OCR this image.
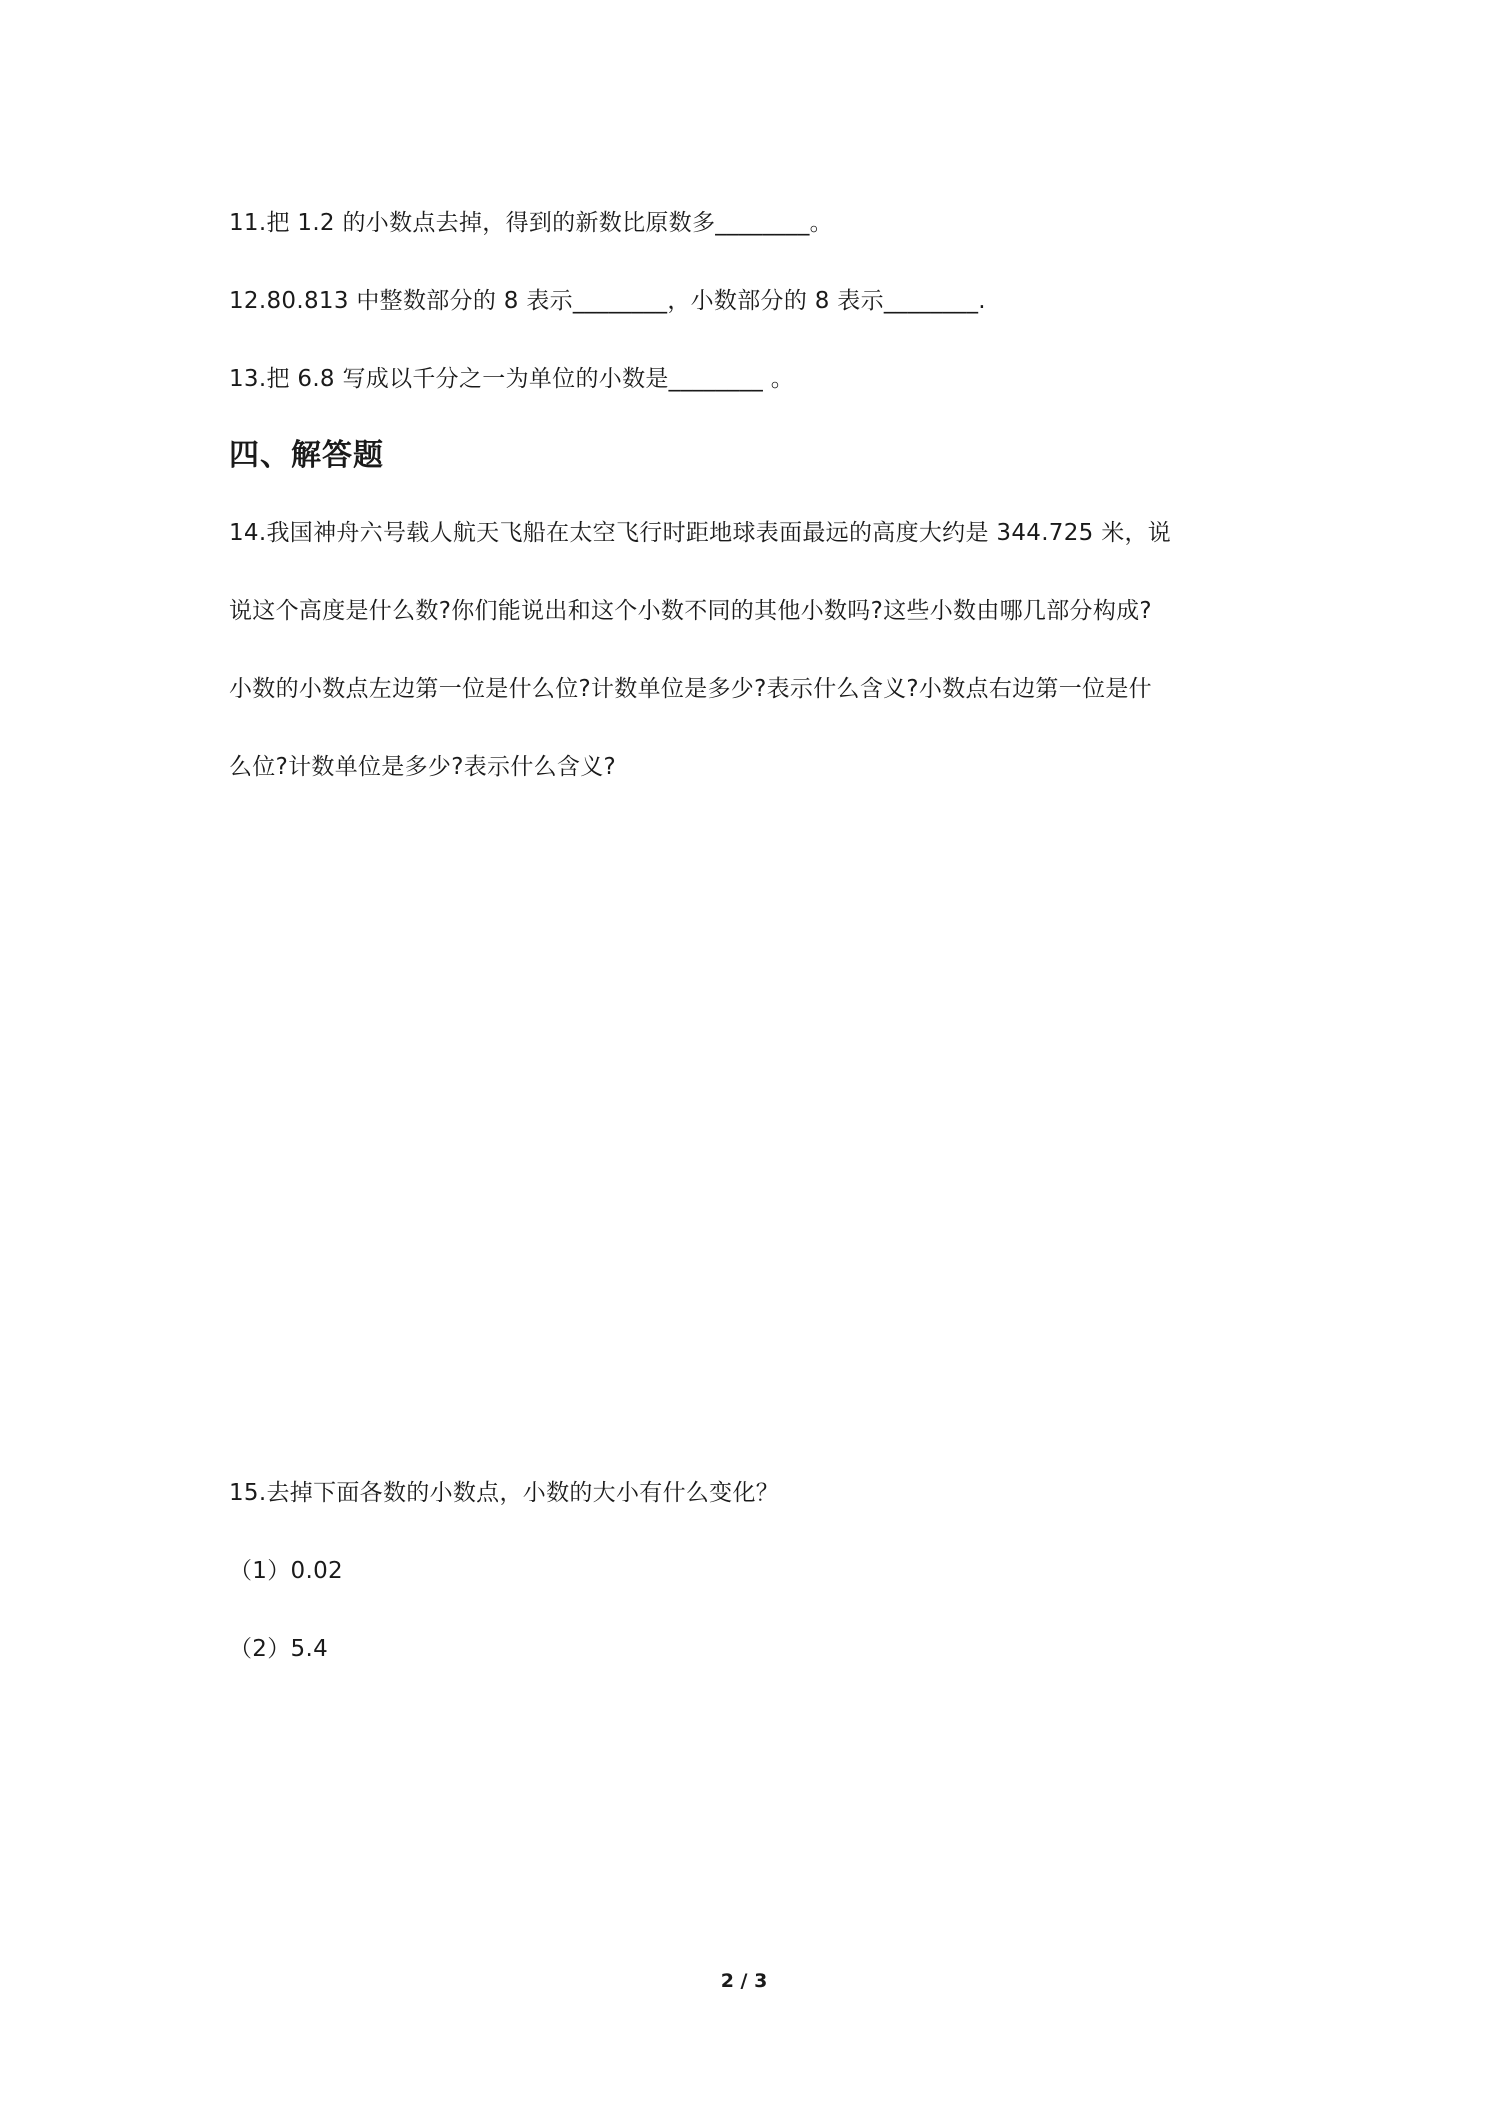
11.把 1.2 的小数点去掉，得到的新数比原数多________。
12.80.813 中整数部分的 8 表示________，小数部分的 8 表示________.
13.把 6.8 写成以千分之一为单位的小数是________ 。
四、解答题
14.我国神舟六号载人航天飞船在太空飞行时距地球表面最远的高度大约是 344.725 米，说
说这个高度是什么数?你们能说出和这个小数不同的其他小数吗?这些小数由哪几部分构成?
小数的小数点左边第一位是什么位?计数单位是多少?表示什么含义?小数点右边第一位是什
么位?计数单位是多少?表示什么含义?
15.去掉下面各数的小数点，小数的大小有什么变化？
（1）0.02
（2）5.4
2 / 3
